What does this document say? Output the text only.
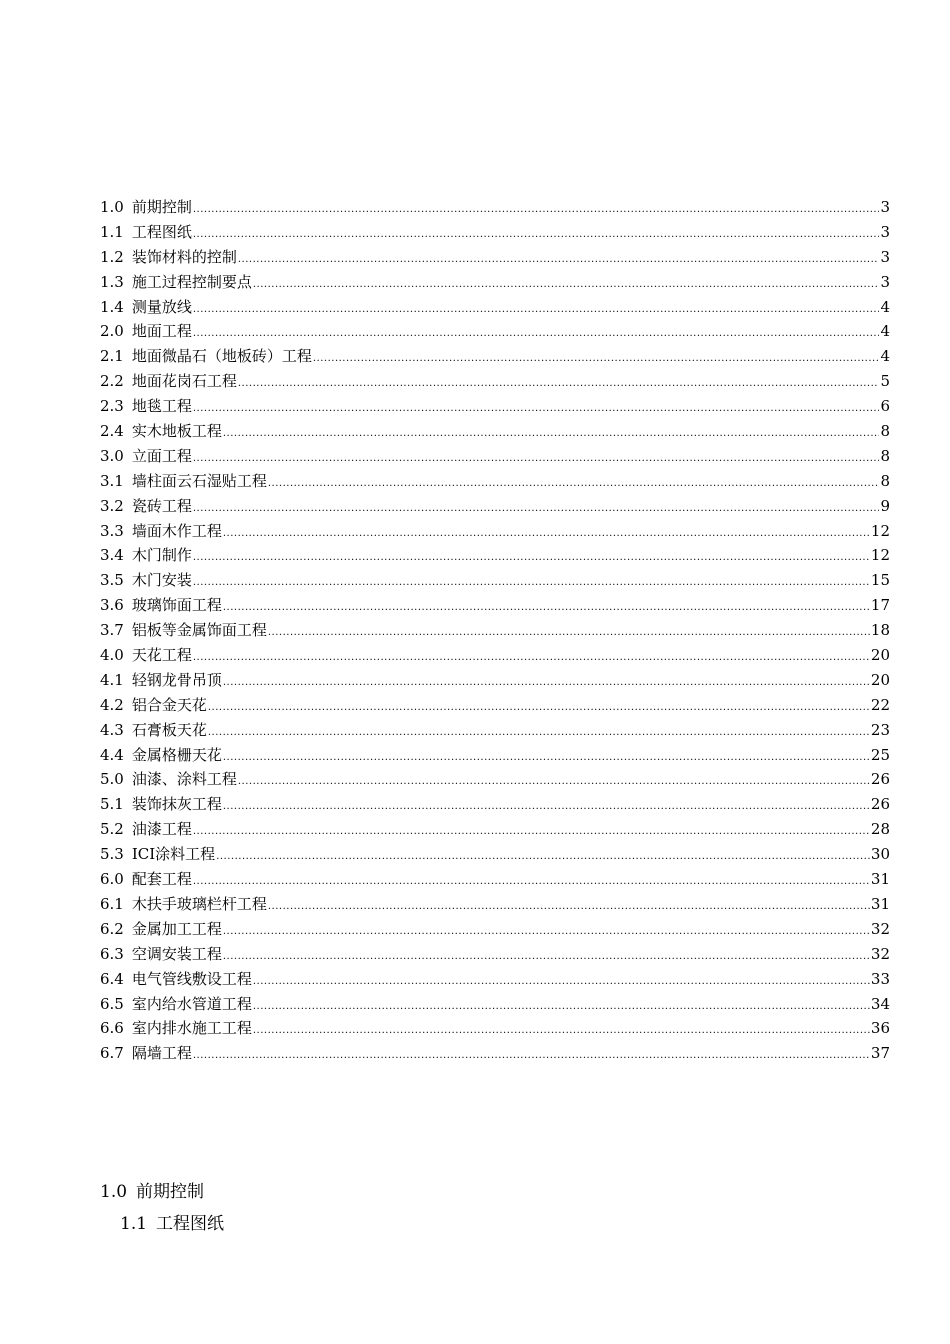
1.0 前期控制 .....	3
1.1 工程图纸 .....	3
1.2 装饰材料的控制 .....	3
1.3 施工过程控制要点 .....	3
1.4 测量放线 .....	4
2.0 地面工程 .....	4
2.1 地面微晶石（地板砖）工程 .....	4
2.2 地面花岗石工程 .....	5
2.3 地毯工程 .....	6
2.4 实木地板工程 .....	8
3.0 立面工程 .....	8
3.1 墙柱面云石湿贴工程 .....	8
3.2 瓷砖工程 .....	9
3.3 墙面木作工程 .....	12
3.4 木门制作 .....	12
3.5 木门安装 .....	15
3.6 玻璃饰面工程 .....	17
3.7 铝板等金属饰面工程 .....	18
4.0 天花工程 .....	20
4.1 轻钢龙骨吊顶 .....	20
4.2 铝合金天花 .....	22
4.3 石膏板天花 .....	23
4.4 金属格栅天花 .....	25
5.0 油漆、涂料工程 .....	26
5.1 装饰抹灰工程 .....	26
5.2 油漆工程 .....	28
5.3 ICI涂料工程 .....	30
6.0 配套工程 .....	31
6.1 木扶手玻璃栏杆工程 .....	31
6.2 金属加工工程 .....	32
6.3 空调安装工程 .....	32
6.4 电气管线敷设工程 .....	33
6.5 室内给水管道工程 .....	34
6.6 室内排水施工工程 .....	36
6.7 隔墙工程 .....	37
1.0 前期控制
1.1 工程图纸
